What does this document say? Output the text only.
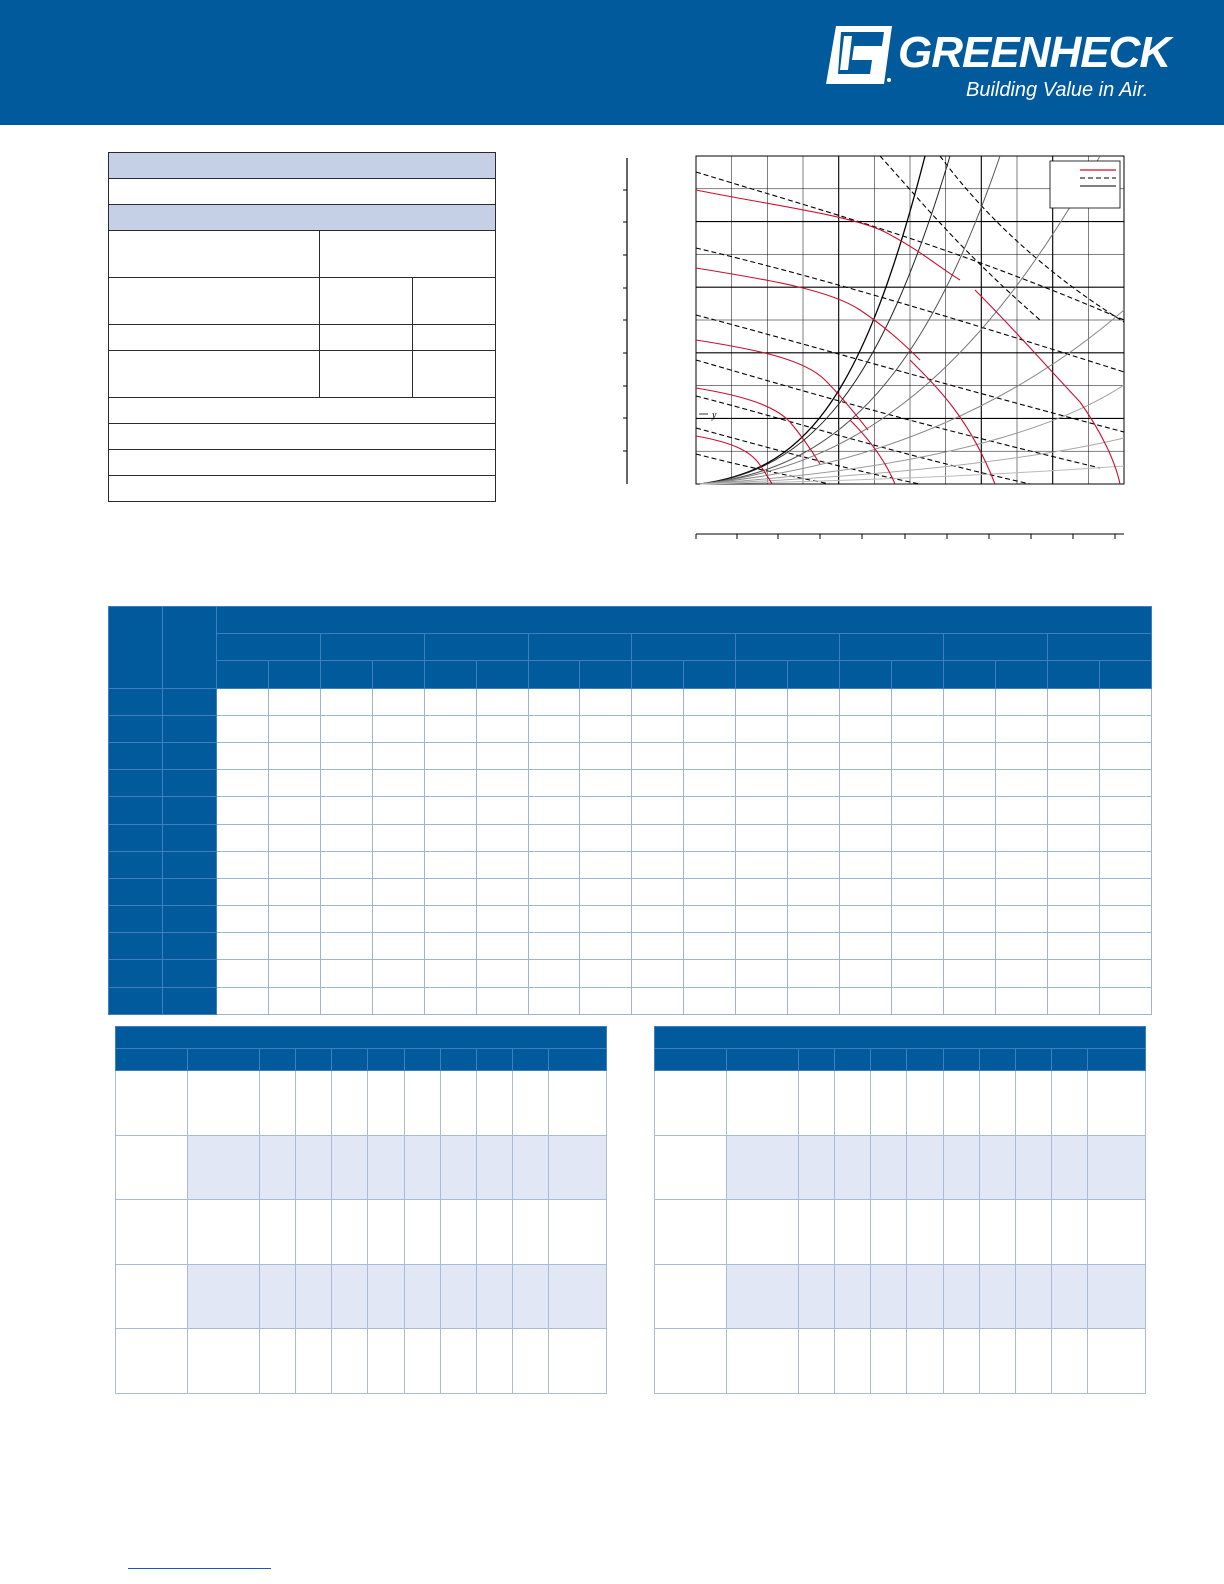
GREENHECK
Building Value in Air.

y
